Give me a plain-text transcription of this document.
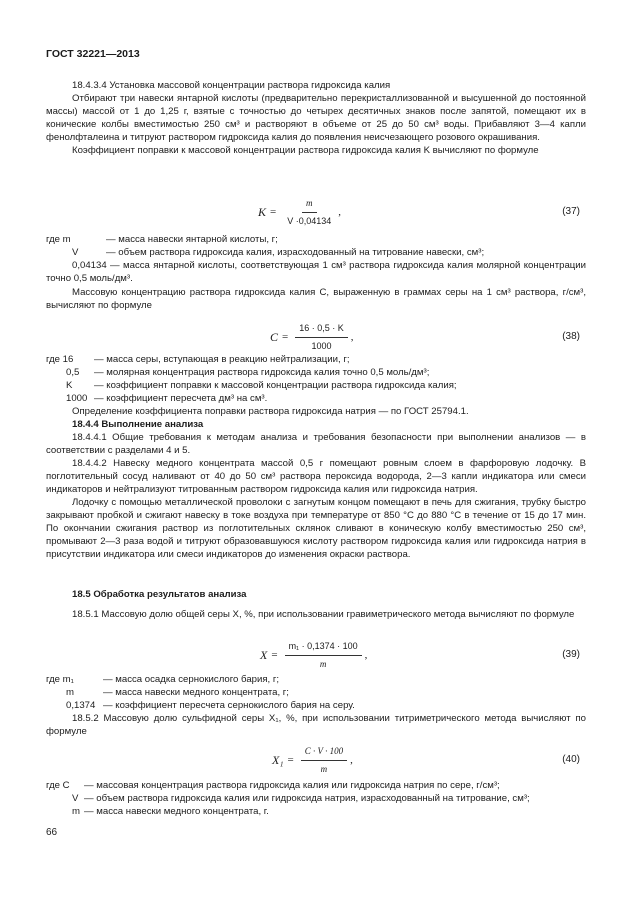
ГОСТ 32221—2013

18.4.3.4 Установка массовой концентрации раствора гидроксида калия

Отбирают три навески янтарной кислоты (предварительно перекристаллизованной и высушенной до постоянной массы) массой от 1 до 1,25 г, взятые с точностью до четырех десятичных знаков после запятой, помещают их в конические колбы вместимостью 250 см³ и растворяют в объеме от 25 до 50 см³ воды. Прибавляют 3—4 капли фенолфталеина и титруют раствором гидроксида калия до появления неисчезающего розового окрашивания.

Коэффициент поправки к массовой концентрации раствора гидроксида калия K вычисляют по формуле

$K = \frac{m}{V \cdot 0,04134}$ ,	(37)
где m	— масса навески янтарной кислоты, г;
V	— объем раствора гидроксида калия, израсходованный на титрование навески, см³;

0,04134 — масса янтарной кислоты, соответствующая 1 см³ раствора гидроксида калия молярной концентрации точно 0,5 моль/дм³.

Массовую концентрацию раствора гидроксида калия C, выраженную в граммах серы на 1 см³ раствора, г/см³, вычисляют по формуле

$C = \frac{16 \cdot 0,5 \cdot K}{1000}$ ,	(38)
где 16	— масса серы, вступающая в реакцию нейтрализации, г;
0,5	— молярная концентрация раствора гидроксида калия точно 0,5 моль/дм³;
K	— коэффициент поправки к массовой концентрации раствора гидроксида калия;
1000 — коэффициент пересчета дм³ на см³.

Определение коэффициента поправки раствора гидроксида натрия — по ГОСТ 25794.1.

18.4.4 Выполнение анализа

18.4.4.1 Общие требования к методам анализа и требования безопасности при выполнении анализов — в соответствии с разделами 4 и 5.

18.4.4.2 Навеску медного концентрата массой 0,5 г помещают ровным слоем в фарфоровую лодочку. В поглотительный сосуд наливают от 40 до 50 см³ раствора пероксида водорода, 2—3 капли индикатора или смеси индикаторов и нейтрализуют титрованным раствором гидроксида калия или гидроксида натрия.

Лодочку с помощью металлической проволоки с загнутым концом помещают в печь для сжигания, трубку быстро закрывают пробкой и сжигают навеску в токе воздуха при температуре от 850 °С до 880 °С в течение от 15 до 17 мин. По окончании сжигания раствор из поглотительных склянок сливают в коническую колбу вместимостью 250 см³, промывают 2—3 раза водой и титруют образовавшуюся кислоту раствором гидроксида калия или гидроксида натрия в присутствии индикатора или смеси индикаторов до изменения окраски раствора.

18.5 Обработка результатов анализа

18.5.1 Массовую долю общей серы X, %, при использовании гравиметрического метода вычисляют по формуле

$X = \frac{\text{m₁ · 0,1374 · 100}}{m}$ ,	(39)
где m₁	— масса осадка сернокислого бария, г;
m	— масса навески медного концентрата, г;
0,1374 — коэффициент пересчета сернокислого бария на серу.

18.5.2 Массовую долю сульфидной серы X₁, %, при использовании титриметрического метода вычисляют по формуле

$X_1 = \frac{C \cdot V \cdot 100}{m}$ ,	(40)
где C	— массовая концентрация раствора гидроксида калия или гидроксида натрия по сере, г/см³;
V — объем раствора гидроксида калия или гидроксида натрия, израсходованный на титрование, см³;
m — масса навески медного концентрата, г.
66
